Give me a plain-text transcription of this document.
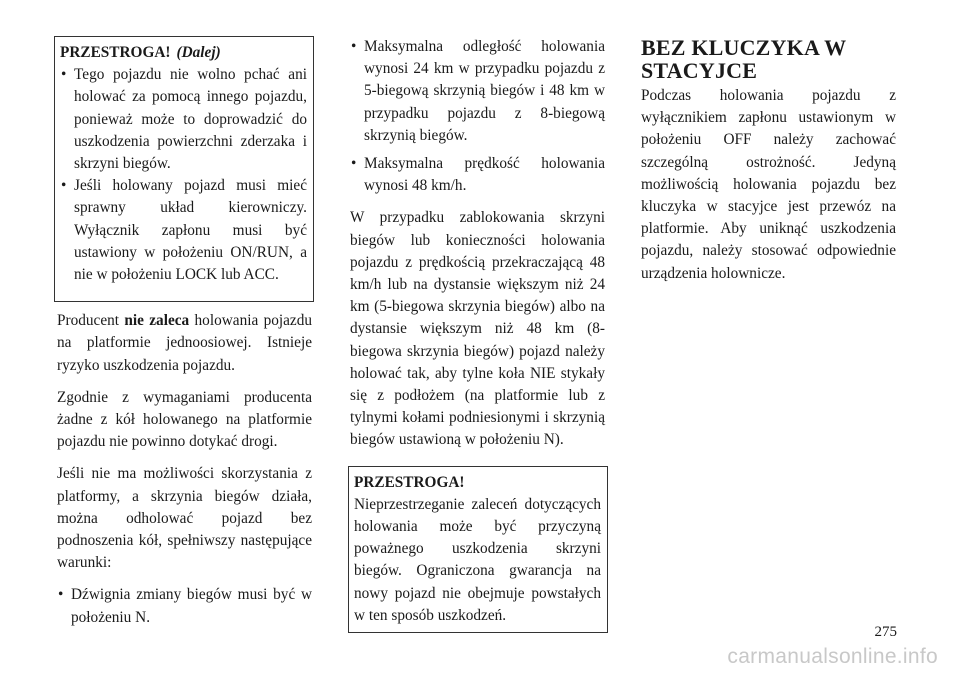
PRZESTROGA! (Dalej)
• Tego pojazdu nie wolno pchać ani holować za pomocą innego pojazdu, ponieważ może to doprowadzić do uszkodzenia powierzchni zderzaka i skrzyni biegów.
• Jeśli holowany pojazd musi mieć sprawny układ kierowniczy. Wyłącznik zapłonu musi być ustawiony w położeniu ON/RUN, a nie w położeniu LOCK lub ACC.

Producent nie zaleca holowania pojazdu na platformie jednoosiowej. Istnieje ryzyko uszkodzenia pojazdu.

Zgodnie z wymaganiami producenta żadne z kół holowanego na platformie pojazdu nie powinno dotykać drogi.

Jeśli nie ma możliwości skorzystania z platformy, a skrzynia biegów działa, można odholować pojazd bez podnoszenia kół, spełniwszy następujące warunki:

• Dźwignia zmiany biegów musi być w położeniu N.
• Maksymalna odległość holowania wynosi 24 km w przypadku pojazdu z 5-biegową skrzynią biegów i 48 km w przypadku pojazdu z 8-biegową skrzynią biegów.
• Maksymalna prędkość holowania wynosi 48 km/h.

W przypadku zablokowania skrzyni biegów lub konieczności holowania pojazdu z prędkością przekraczającą 48 km/h lub na dystansie większym niż 24 km (5-biegowa skrzynia biegów) albo na dystansie większym niż 48 km (8-biegowa skrzynia biegów) pojazd należy holować tak, aby tylne koła NIE stykały się z podłożem (na platformie lub z tylnymi kołami podniesionymi i skrzynią biegów ustawioną w położeniu N).

PRZESTROGA!

Nieprzestrzeganie zaleceń dotyczących holowania może być przyczyną poważnego uszkodzenia skrzyni biegów. Ograniczona gwarancja na nowy pojazd nie obejmuje powstałych w ten sposób uszkodzeń.

BEZ KLUCZYKA W STACYJCE

Podczas holowania pojazdu z wyłącznikiem zapłonu ustawionym w położeniu OFF należy zachować szczególną ostrożność. Jedyną możliwością holowania pojazdu bez kluczyka w stacyjce jest przewóz na platformie. Aby uniknąć uszkodzenia pojazdu, należy stosować odpowiednie urządzenia holownicze.

275
carmanualsonline.info
